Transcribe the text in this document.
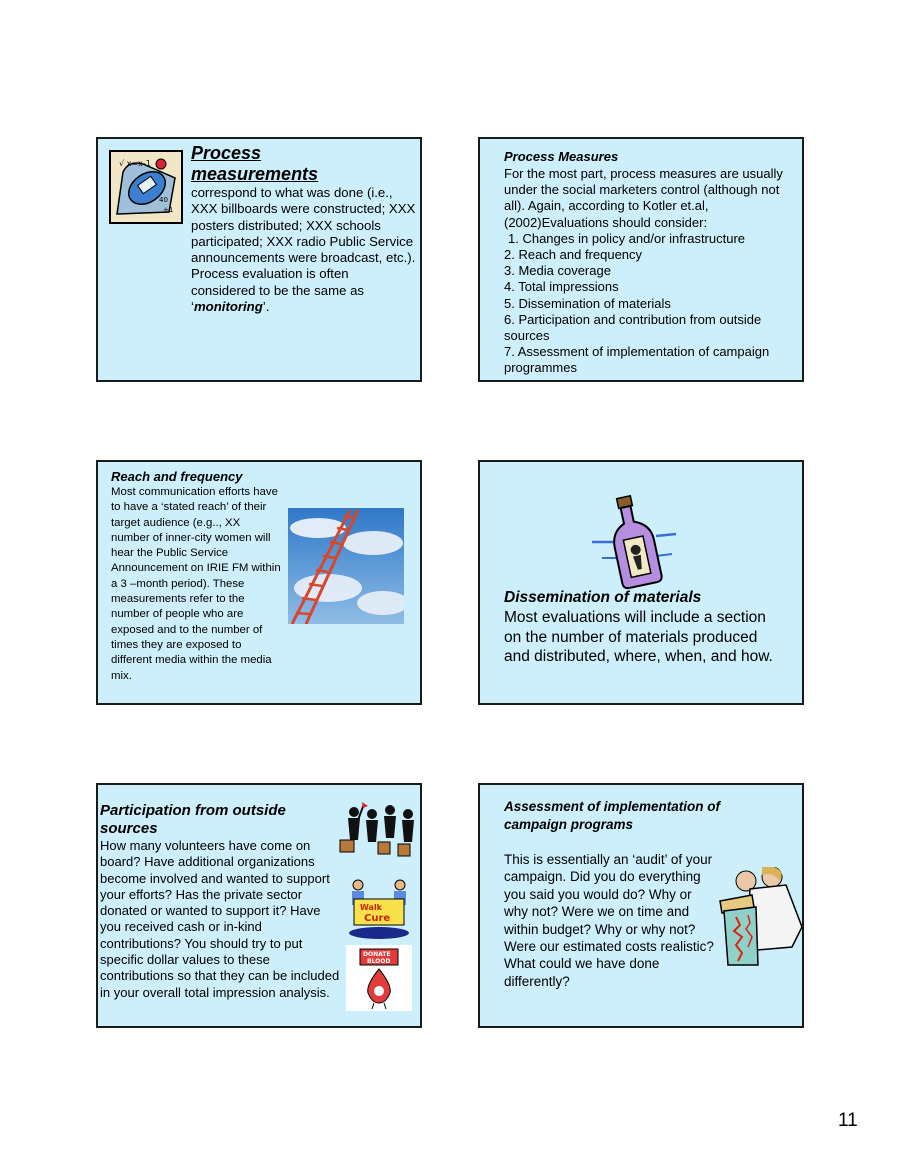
√ x=x-1
40
+1
Process measurements
correspond to what was done (i.e., XXX billboards were constructed; XXX posters distributed; XXX schools participated; XXX radio Public Service announcements were broadcast, etc.).
Process evaluation is often considered to be the same as ‘monitoring’.
Process Measures
For the most part, process measures are usually under the social marketers control (although not all). Again, according to Kotler et.al, (2002)Evaluations should consider:
1. Changes in policy and/or infrastructure
2. Reach and frequency
3. Media coverage
4. Total impressions
5. Dissemination of materials
6. Participation and contribution from outside sources
7. Assessment of implementation of campaign programmes
Reach and frequency
Most communication efforts have to have a ‘stated reach’ of their target audience (e.g.., XX number of inner-city women will hear the Public Service Announcement on IRIE FM within a 3 –month period). These measurements refer to the number of people who are exposed and to the number of times they are exposed to different media within the media mix.
Dissemination of materials
Most evaluations will include a section on the number of materials produced and distributed, where, when, and how.
Participation from outside sources
How many volunteers have come on board? Have additional organizations become involved and wanted to support your efforts? Has the private sector donated or wanted to support it? Have you received cash or in-kind contributions? You should try to put specific dollar values to these contributions so that they can be included in your overall total impression analysis.
Walk
Cure
DONATE
BLOOD
Assessment of implementation of campaign programs
This is essentially an ‘audit’ of your campaign. Did you do everything you said you would do? Why or why not? Were we on time and within budget? Why or why not? Were our estimated costs realistic? What could we have done differently?
11
